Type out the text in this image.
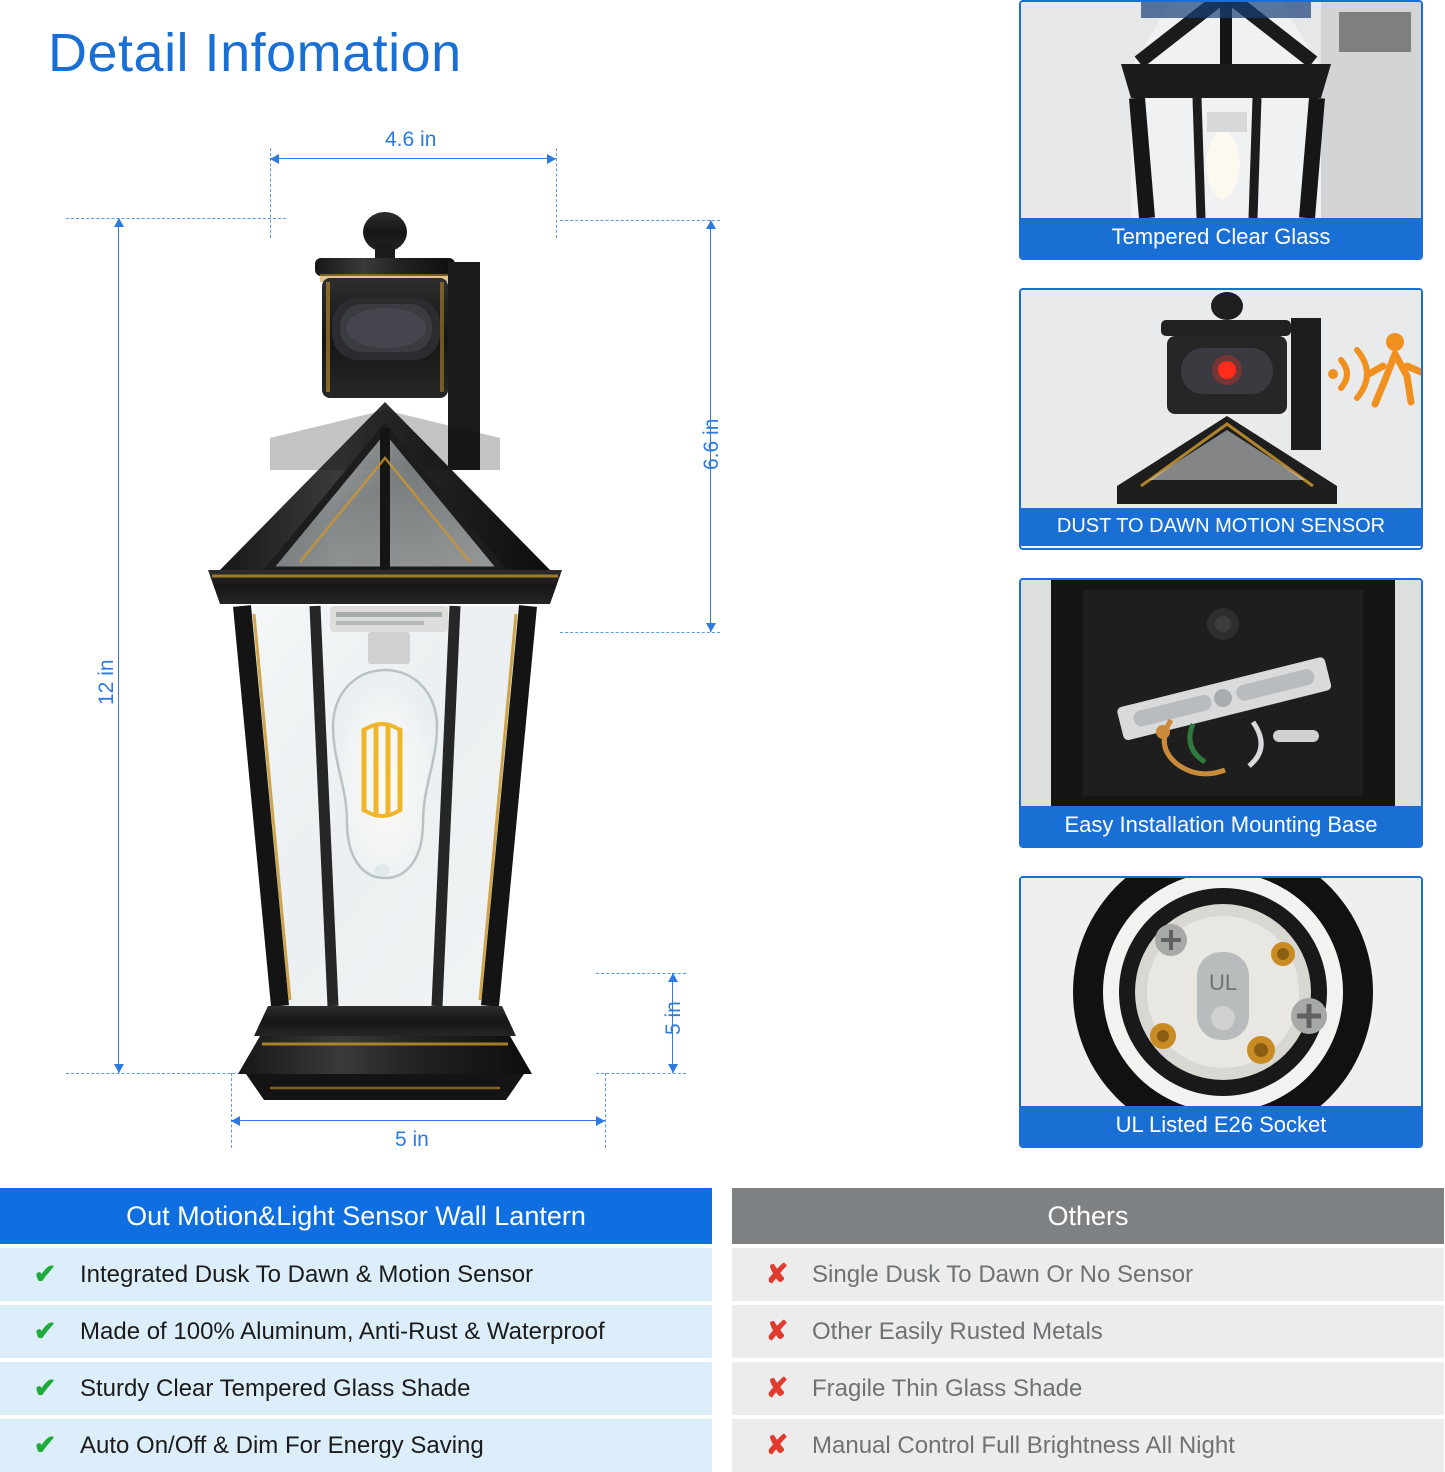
Detail Infomation
4.6 in
12 in
6.6 in
5 in
5 in
Tempered Clear Glass
DUST TO DAWN MOTION SENSOR
Easy Installation Mounting Base
UL
UL Listed E26 Socket
Out Motion&Light Sensor Wall Lantern
✔ Integrated Dusk To Dawn & Motion Sensor
✔ Made of 100% Aluminum, Anti-Rust & Waterproof
✔ Sturdy Clear Tempered Glass Shade
✔ Auto On/Off & Dim For Energy Saving
Others
✘ Single Dusk To Dawn Or No Sensor
✘ Other Easily Rusted Metals
✘ Fragile Thin Glass Shade
✘ Manual Control Full Brightness All Night
